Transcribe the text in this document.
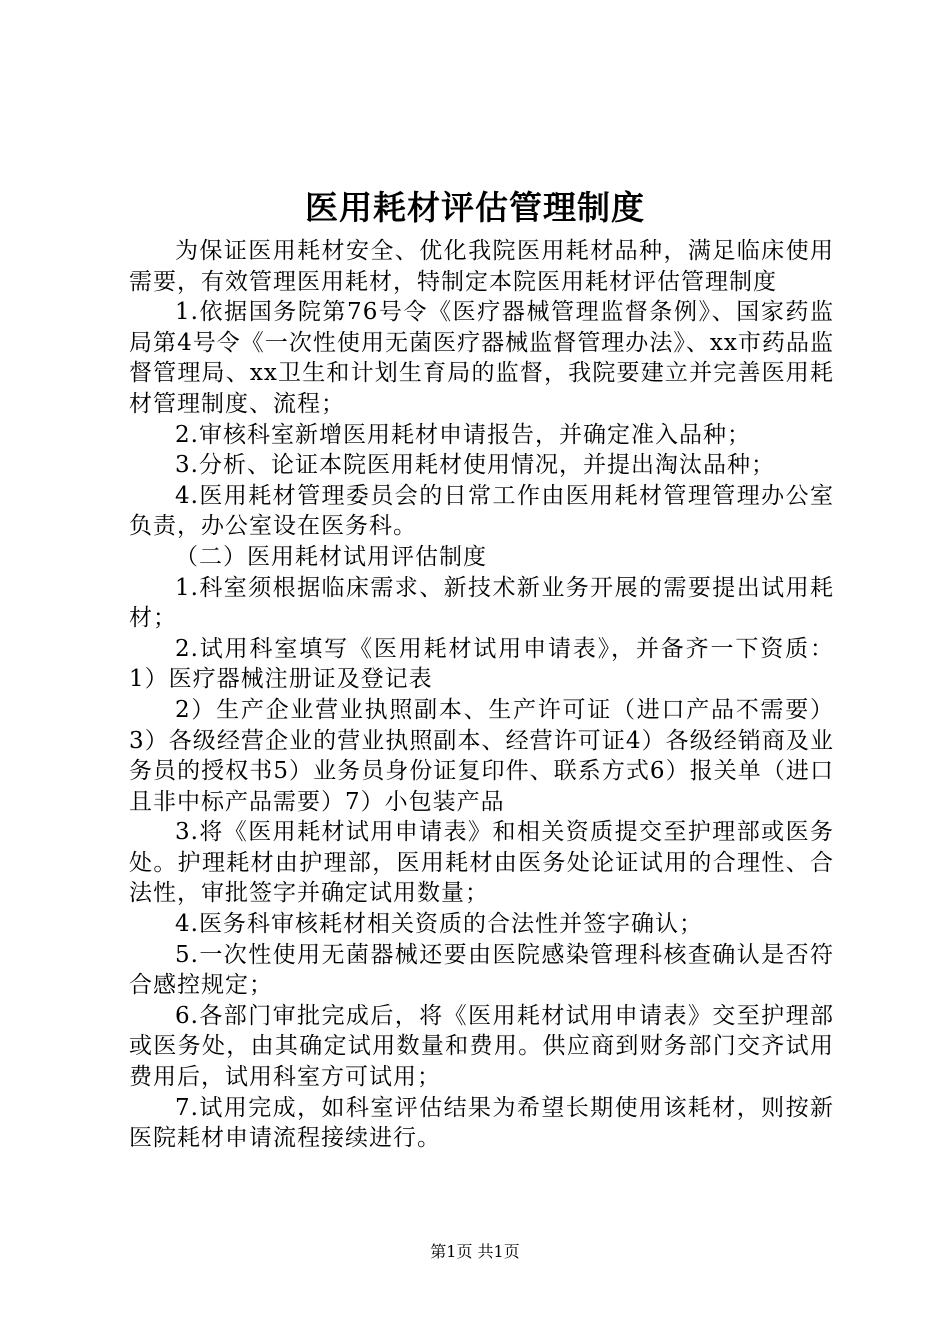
医用耗材评估管理制度

为保证医用耗材安全、优化我院医用耗材品种，满足临床使用需要，有效管理医用耗材，特制定本院医用耗材评估管理制度

1.依据国务院第76号令《医疗器械管理监督条例》、国家药监局第4号令《一次性使用无菌医疗器械监督管理办法》、xx市药品监督管理局、xx卫生和计划生育局的监督，我院要建立并完善医用耗材管理制度、流程；

2.审核科室新增医用耗材申请报告，并确定准入品种；

3.分析、论证本院医用耗材使用情况，并提出淘汰品种；

4.医用耗材管理委员会的日常工作由医用耗材管理管理办公室负责，办公室设在医务科。

（二）医用耗材试用评估制度

1.科室须根据临床需求、新技术新业务开展的需要提出试用耗材；

2.试用科室填写《医用耗材试用申请表》，并备齐一下资质：1）医疗器械注册证及登记表

2）生产企业营业执照副本、生产许可证（进口产品不需要）3）各级经营企业的营业执照副本、经营许可证4）各级经销商及业务员的授权书5）业务员身份证复印件、联系方式6）报关单（进口且非中标产品需要）7）小包装产品

3.将《医用耗材试用申请表》和相关资质提交至护理部或医务处。护理耗材由护理部，医用耗材由医务处论证试用的合理性、合法性，审批签字并确定试用数量；

4.医务科审核耗材相关资质的合法性并签字确认；

5.一次性使用无菌器械还要由医院感染管理科核查确认是否符合感控规定；

6.各部门审批完成后，将《医用耗材试用申请表》交至护理部或医务处，由其确定试用数量和费用。供应商到财务部门交齐试用费用后，试用科室方可试用；

7.试用完成，如科室评估结果为希望长期使用该耗材，则按新医院耗材申请流程接续进行。

第1页 共1页
